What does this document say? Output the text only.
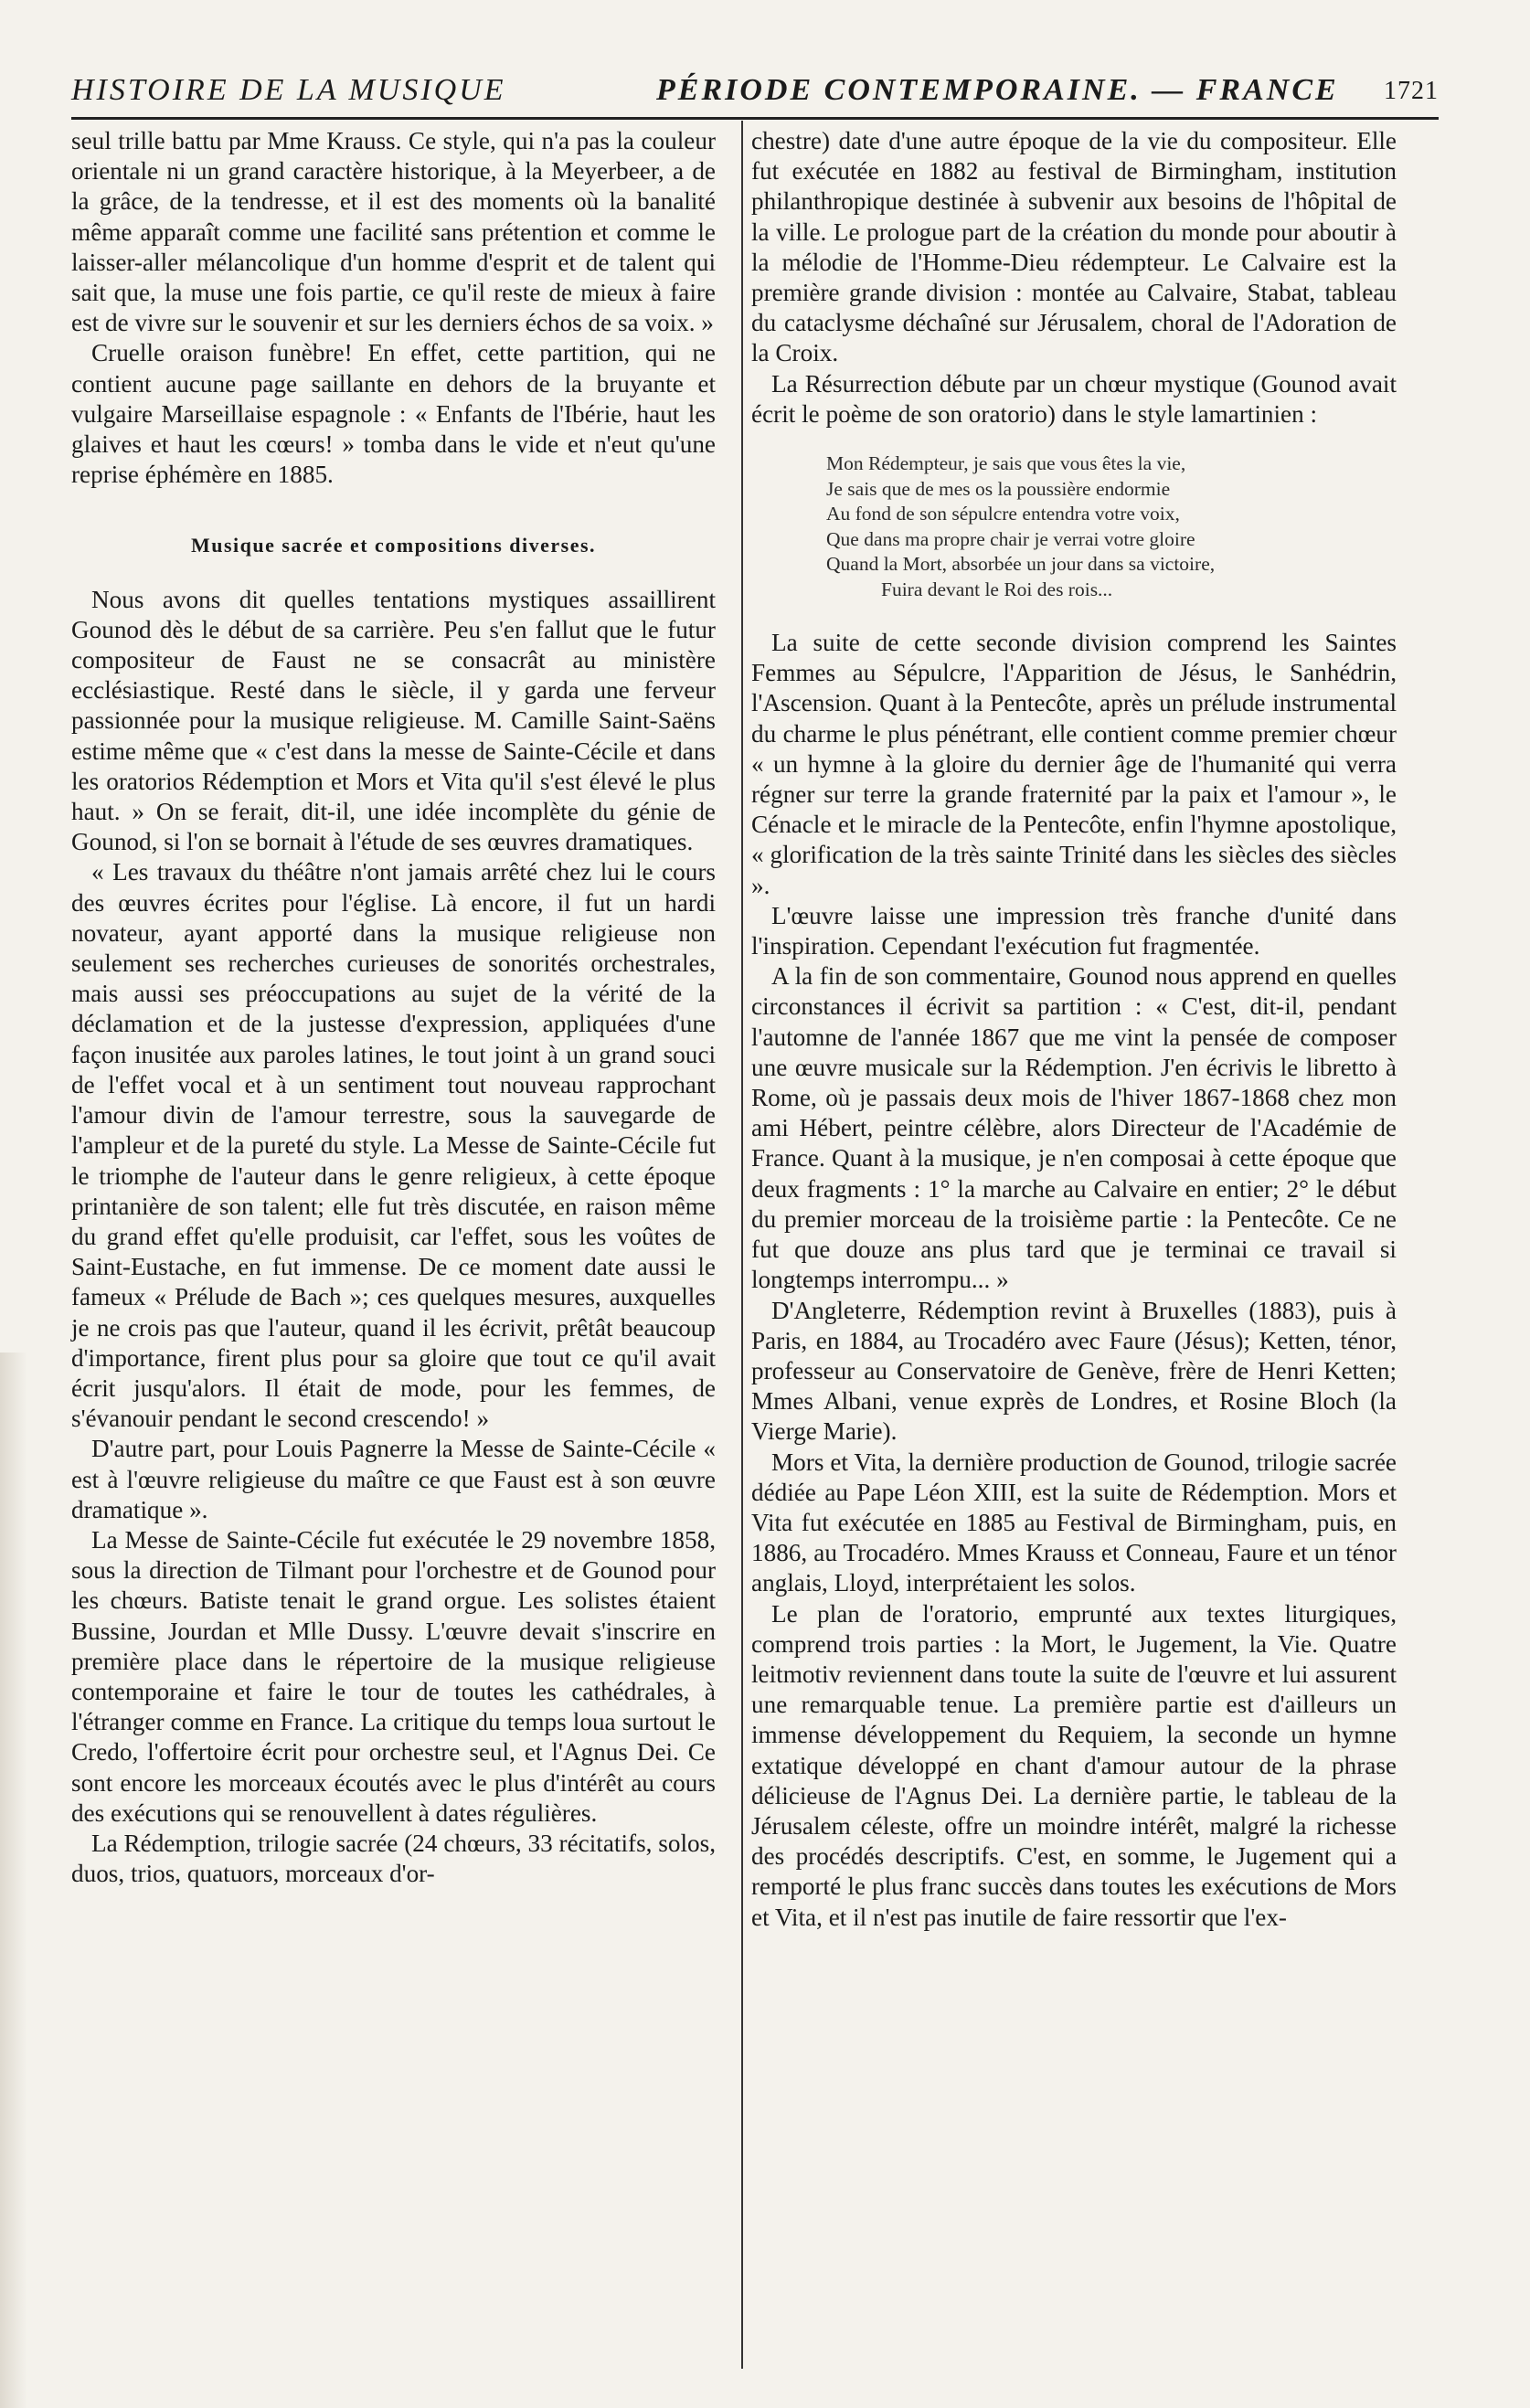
HISTOIRE DE LA MUSIQUE	PÉRIODE CONTEMPORAINE. — FRANCE 1721

seul trille battu par Mme Krauss. Ce style, qui n'a pas la couleur orientale ni un grand caractère historique, à la Meyerbeer, a de la grâce, de la tendresse, et il est des moments où la banalité même apparaît comme une facilité sans prétention et comme le laisser-aller mélancolique d'un homme d'esprit et de talent qui sait que, la muse une fois partie, ce qu'il reste de mieux à faire est de vivre sur le souvenir et sur les derniers échos de sa voix. »

Cruelle oraison funèbre! En effet, cette partition, qui ne contient aucune page saillante en dehors de la bruyante et vulgaire Marseillaise espagnole : « Enfants de l'Ibérie, haut les glaives et haut les cœurs! » tomba dans le vide et n'eut qu'une reprise éphémère en 1885.

Musique sacrée et compositions diverses.

Nous avons dit quelles tentations mystiques assaillirent Gounod dès le début de sa carrière. Peu s'en fallut que le futur compositeur de Faust ne se consacrât au ministère ecclésiastique. Resté dans le siècle, il y garda une ferveur passionnée pour la musique religieuse. M. Camille Saint-Saëns estime même que « c'est dans la messe de Sainte-Cécile et dans les oratorios Rédemption et Mors et Vita qu'il s'est élevé le plus haut. » On se ferait, dit-il, une idée incomplète du génie de Gounod, si l'on se bornait à l'étude de ses œuvres dramatiques.

« Les travaux du théâtre n'ont jamais arrêté chez lui le cours des œuvres écrites pour l'église. Là encore, il fut un hardi novateur, ayant apporté dans la musique religieuse non seulement ses recherches curieuses de sonorités orchestrales, mais aussi ses préoccupations au sujet de la vérité de la déclamation et de la justesse d'expression, appliquées d'une façon inusitée aux paroles latines, le tout joint à un grand souci de l'effet vocal et à un sentiment tout nouveau rapprochant l'amour divin de l'amour terrestre, sous la sauvegarde de l'ampleur et de la pureté du style. La Messe de Sainte-Cécile fut le triomphe de l'auteur dans le genre religieux, à cette époque printanière de son talent; elle fut très discutée, en raison même du grand effet qu'elle produisit, car l'effet, sous les voûtes de Saint-Eustache, en fut immense. De ce moment date aussi le fameux « Prélude de Bach »; ces quelques mesures, auxquelles je ne crois pas que l'auteur, quand il les écrivit, prêtât beaucoup d'importance, firent plus pour sa gloire que tout ce qu'il avait écrit jusqu'alors. Il était de mode, pour les femmes, de s'évanouir pendant le second crescendo! »

D'autre part, pour Louis Pagnerre la Messe de Sainte-Cécile « est à l'œuvre religieuse du maître ce que Faust est à son œuvre dramatique ».

La Messe de Sainte-Cécile fut exécutée le 29 novembre 1858, sous la direction de Tilmant pour l'orchestre et de Gounod pour les chœurs. Batiste tenait le grand orgue. Les solistes étaient Bussine, Jourdan et Mlle Dussy. L'œuvre devait s'inscrire en première place dans le répertoire de la musique religieuse contemporaine et faire le tour de toutes les cathédrales, à l'étranger comme en France. La critique du temps loua surtout le Credo, l'offertoire écrit pour orchestre seul, et l'Agnus Dei. Ce sont encore les morceaux écoutés avec le plus d'intérêt au cours des exécutions qui se renouvellent à dates régulières.

La Rédemption, trilogie sacrée (24 chœurs, 33 récitatifs, solos, duos, trios, quatuors, morceaux d'or-

chestre) date d'une autre époque de la vie du compositeur. Elle fut exécutée en 1882 au festival de Birmingham, institution philanthropique destinée à subvenir aux besoins de l'hôpital de la ville. Le prologue part de la création du monde pour aboutir à la mélodie de l'Homme-Dieu rédempteur. Le Calvaire est la première grande division : montée au Calvaire, Stabat, tableau du cataclysme déchaîné sur Jérusalem, choral de l'Adoration de la Croix.

La Résurrection débute par un chœur mystique (Gounod avait écrit le poème de son oratorio) dans le style lamartinien :

Mon Rédempteur, je sais que vous êtes la vie,
Je sais que de mes os la poussière endormie
Au fond de son sépulcre entendra votre voix,
Que dans ma propre chair je verrai votre gloire
Quand la Mort, absorbée un jour dans sa victoire,
Fuira devant le Roi des rois...

La suite de cette seconde division comprend les Saintes Femmes au Sépulcre, l'Apparition de Jésus, le Sanhédrin, l'Ascension. Quant à la Pentecôte, après un prélude instrumental du charme le plus pénétrant, elle contient comme premier chœur « un hymne à la gloire du dernier âge de l'humanité qui verra régner sur terre la grande fraternité par la paix et l'amour », le Cénacle et le miracle de la Pentecôte, enfin l'hymne apostolique, « glorification de la très sainte Trinité dans les siècles des siècles ».

L'œuvre laisse une impression très franche d'unité dans l'inspiration. Cependant l'exécution fut fragmentée.

A la fin de son commentaire, Gounod nous apprend en quelles circonstances il écrivit sa partition : « C'est, dit-il, pendant l'automne de l'année 1867 que me vint la pensée de composer une œuvre musicale sur la Rédemption. J'en écrivis le libretto à Rome, où je passais deux mois de l'hiver 1867-1868 chez mon ami Hébert, peintre célèbre, alors Directeur de l'Académie de France. Quant à la musique, je n'en composai à cette époque que deux fragments : 1° la marche au Calvaire en entier; 2° le début du premier morceau de la troisième partie : la Pentecôte. Ce ne fut que douze ans plus tard que je terminai ce travail si longtemps interrompu... »

D'Angleterre, Rédemption revint à Bruxelles (1883), puis à Paris, en 1884, au Trocadéro avec Faure (Jésus); Ketten, ténor, professeur au Conservatoire de Genève, frère de Henri Ketten; Mmes Albani, venue exprès de Londres, et Rosine Bloch (la Vierge Marie).

Mors et Vita, la dernière production de Gounod, trilogie sacrée dédiée au Pape Léon XIII, est la suite de Rédemption. Mors et Vita fut exécutée en 1885 au Festival de Birmingham, puis, en 1886, au Trocadéro. Mmes Krauss et Conneau, Faure et un ténor anglais, Lloyd, interprétaient les solos.

Le plan de l'oratorio, emprunté aux textes liturgiques, comprend trois parties : la Mort, le Jugement, la Vie. Quatre leitmotiv reviennent dans toute la suite de l'œuvre et lui assurent une remarquable tenue. La première partie est d'ailleurs un immense développement du Requiem, la seconde un hymne extatique développé en chant d'amour autour de la phrase délicieuse de l'Agnus Dei. La dernière partie, le tableau de la Jérusalem céleste, offre un moindre intérêt, malgré la richesse des procédés descriptifs. C'est, en somme, le Jugement qui a remporté le plus franc succès dans toutes les exécutions de Mors et Vita, et il n'est pas inutile de faire ressortir que l'ex-
